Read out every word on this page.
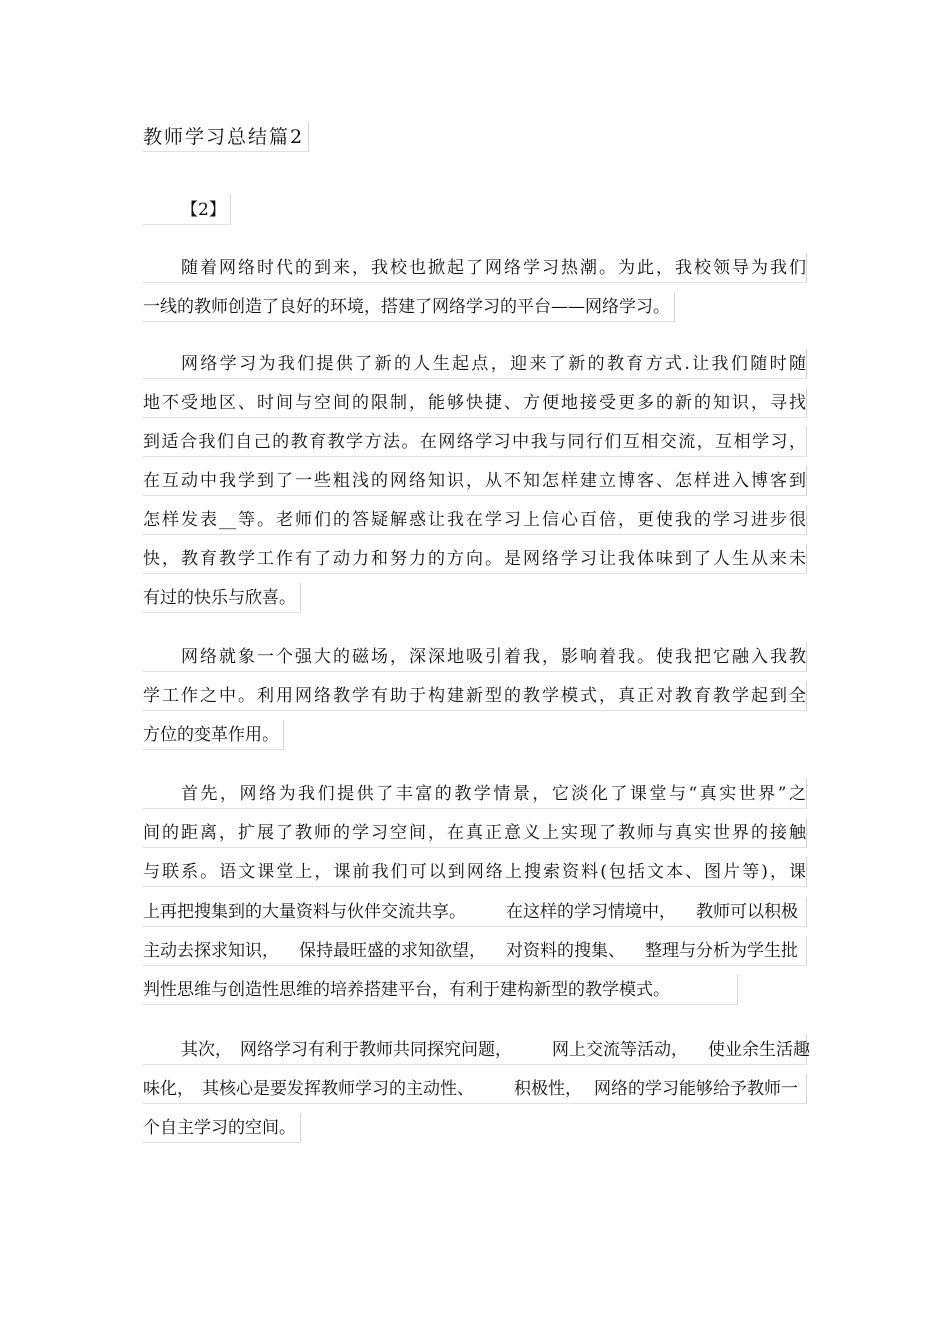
教师学习总结篇2
【2】
随着网络时代的到来，我校也掀起了网络学习热潮。为此，我校领导为我们
一线的教师创造了良好的环境，搭建了网络学习的平台——网络学习。
网络学习为我们提供了新的人生起点，迎来了新的教育方式.让我们随时随
地不受地区、时间与空间的限制，能够快捷、方便地接受更多的新的知识，寻找
到适合我们自己的教育教学方法。在网络学习中我与同行们互相交流，互相学习，
在互动中我学到了一些粗浅的网络知识，从不知怎样建立博客、怎样进入博客到
怎样发表__等。老师们的答疑解惑让我在学习上信心百倍，更使我的学习进步很
快，教育教学工作有了动力和努力的方向。是网络学习让我体味到了人生从来未
有过的快乐与欣喜。
网络就象一个强大的磁场，深深地吸引着我，影响着我。使我把它融入我教
学工作之中。利用网络教学有助于构建新型的教学模式，真正对教育教学起到全
方位的变革作用。
首先，网络为我们提供了丰富的教学情景，它淡化了课堂与“真实世界”之
间的距离，扩展了教师的学习空间，在真正意义上实现了教师与真实世界的接触
与联系。语文课堂上，课前我们可以到网络上搜索资料(包括文本、图片等)，课
上再把搜集到的大量资料与伙伴交流共享。 在这样的学习情境中， 教师可以积极
主动去探求知识， 保持最旺盛的求知欲望， 对资料的搜集、 整理与分析为学生批
判性思维与创造性思维的培养搭建平台，有利于建构新型的教学模式。
其次， 网络学习有利于教师共同探究问题， 网上交流等活动， 使业余生活趣
味化， 其核心是要发挥教师学习的主动性、 积极性， 网络的学习能够给予教师一
个自主学习的空间。
